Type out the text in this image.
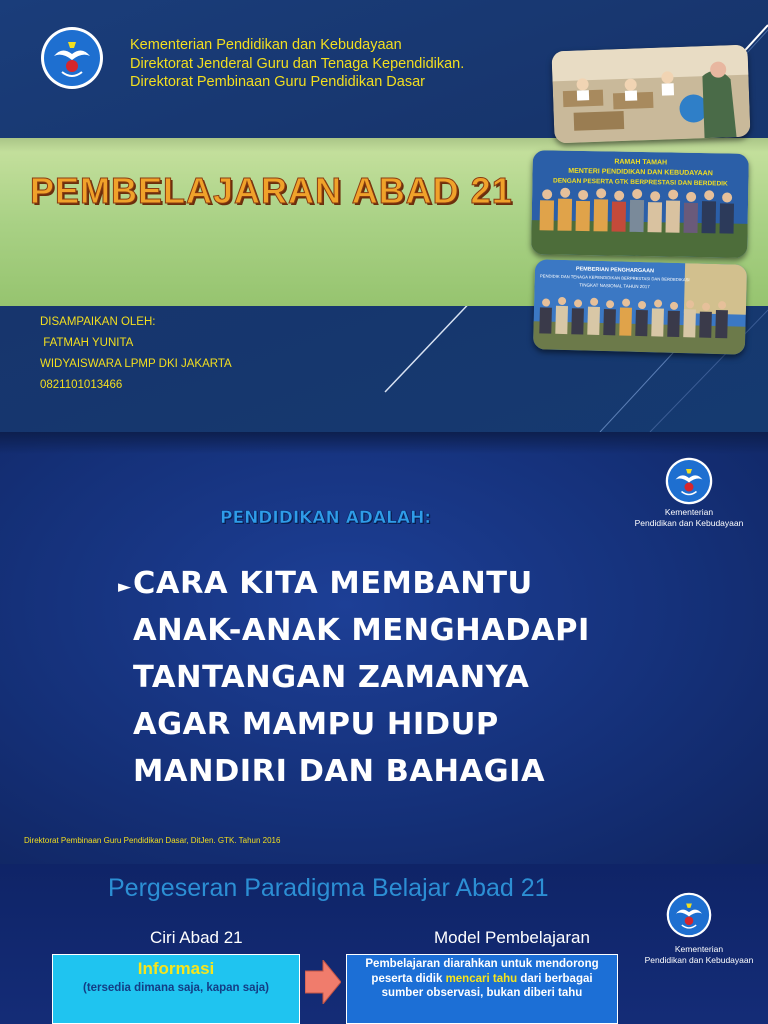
Kementerian Pendidikan dan Kebudayaan
Direktorat Jenderal Guru dan Tenaga Kependidikan.
Direktorat Pembinaan Guru Pendidikan Dasar
PEMBELAJARAN ABAD 21
DISAMPAIKAN OLEH:
FATMAH YUNITA
WIDYAISWARA LPMP DKI JAKARTA
0821101013466
RAMAH TAMAH
MENTERI PENDIDIKAN DAN KEBUDAYAAN
DENGAN PESERTA GTK BERPRESTASI DAN BERDEDIK
PEMBERIAN PENGHARGAAN
PENDIDIK DAN TENAGA KEPENDIDIKAN BERPRESTASI DAN BERDEDIKASI
TINGKAT NASIONAL TAHUN 2017
Kementerian
Pendidikan dan Kebudayaan
PENDIDIKAN ADALAH:
► CARA KITA MEMBANTU
ANAK-ANAK MENGHADAPI
TANTANGAN ZAMANYA
AGAR MAMPU HIDUP
MANDIRI DAN BAHAGIA
Direktorat Pembinaan Guru Pendidikan Dasar, DitJen. GTK. Tahun 2016
Pergeseran Paradigma Belajar Abad 21
Kementerian
Pendidikan dan Kebudayaan
Ciri Abad 21	Model Pembelajaran
Informasi
(tersedia dimana saja, kapan saja)
Pembelajaran diarahkan untuk mendorong peserta didik mencari tahu dari berbagai sumber observasi, bukan diberi tahu
